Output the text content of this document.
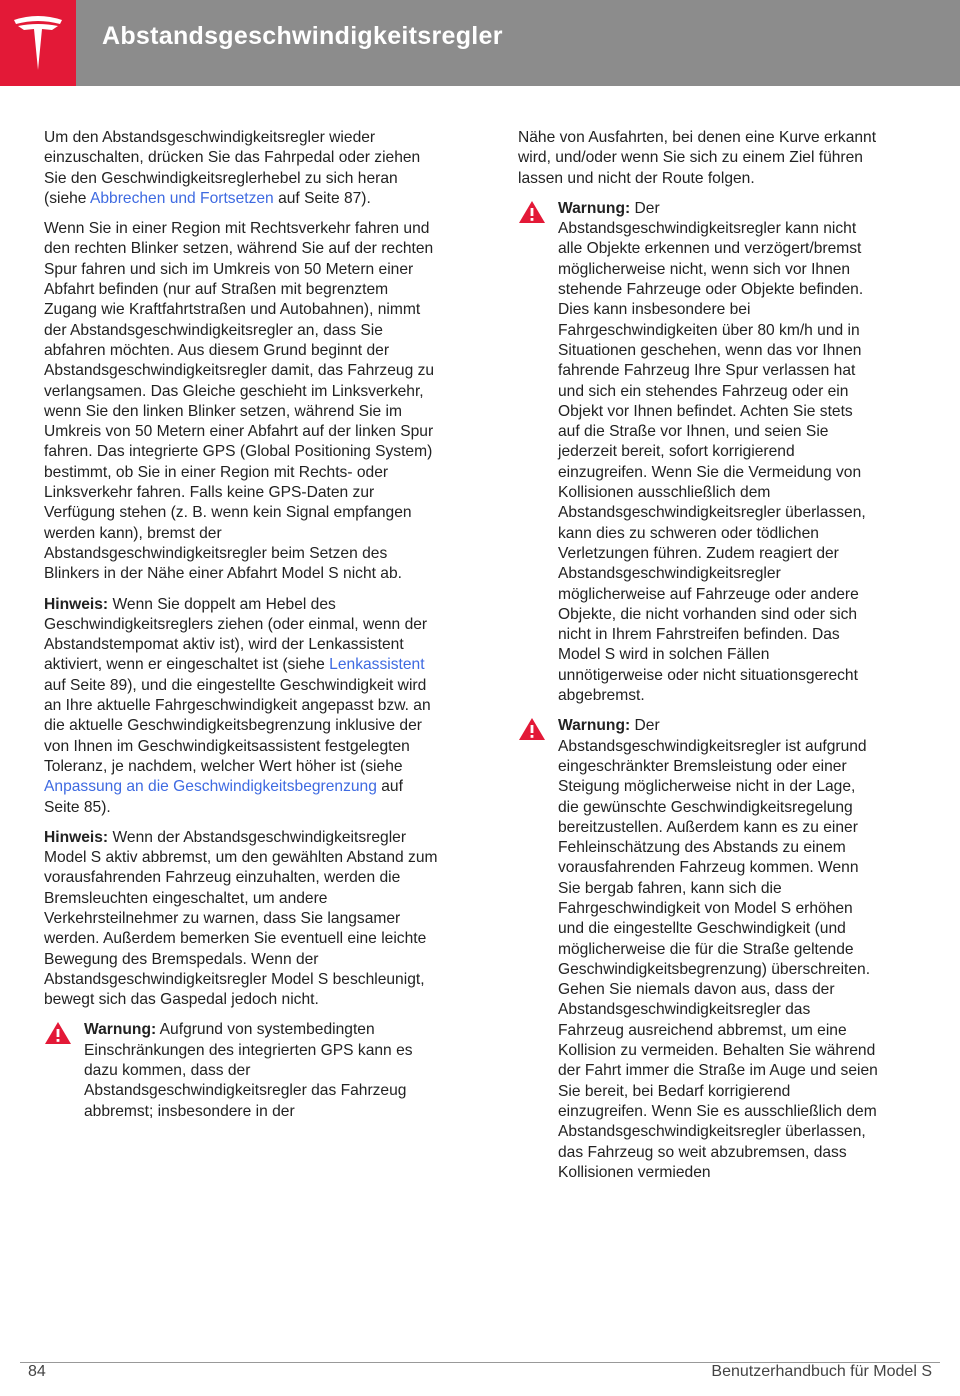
Abstandsgeschwindigkeitsregler

Um den Abstandsgeschwindigkeitsregler wieder einzuschalten, drücken Sie das Fahrpedal oder ziehen Sie den Geschwindigkeitsreglerhebel zu sich heran (siehe Abbrechen und Fortsetzen auf Seite 87).

Wenn Sie in einer Region mit Rechtsverkehr fahren und den rechten Blinker setzen, während Sie auf der rechten Spur fahren und sich im Umkreis von 50 Metern einer Abfahrt befinden (nur auf Straßen mit begrenztem Zugang wie Kraftfahrtstraßen und Autobahnen), nimmt der Abstandsgeschwindigkeitsregler an, dass Sie abfahren möchten. Aus diesem Grund beginnt der Abstandsgeschwindigkeitsregler damit, das Fahrzeug zu verlangsamen. Das Gleiche geschieht im Linksverkehr, wenn Sie den linken Blinker setzen, während Sie im Umkreis von 50 Metern einer Abfahrt auf der linken Spur fahren. Das integrierte GPS (Global Positioning System) bestimmt, ob Sie in einer Region mit Rechts- oder Linksverkehr fahren. Falls keine GPS-Daten zur Verfügung stehen (z. B. wenn kein Signal empfangen werden kann), bremst der Abstandsgeschwindigkeitsregler beim Setzen des Blinkers in der Nähe einer Abfahrt Model S nicht ab.

Hinweis: Wenn Sie doppelt am Hebel des Geschwindigkeitsreglers ziehen (oder einmal, wenn der Abstandstempomat aktiv ist), wird der Lenkassistent aktiviert, wenn er eingeschaltet ist (siehe Lenkassistent auf Seite 89), und die eingestellte Geschwindigkeit wird an Ihre aktuelle Fahrgeschwindigkeit angepasst bzw. an die aktuelle Geschwindigkeitsbegrenzung inklusive der von Ihnen im Geschwindigkeitsassistent festgelegten Toleranz, je nachdem, welcher Wert höher ist (siehe Anpassung an die Geschwindigkeitsbegrenzung auf Seite 85).

Hinweis: Wenn der Abstandsgeschwindigkeitsregler Model S aktiv abbremst, um den gewählten Abstand zum vorausfahrenden Fahrzeug einzuhalten, werden die Bremsleuchten eingeschaltet, um andere Verkehrsteilnehmer zu warnen, dass Sie langsamer werden. Außerdem bemerken Sie eventuell eine leichte Bewegung des Bremspedals. Wenn der Abstandsgeschwindigkeitsregler Model S beschleunigt, bewegt sich das Gaspedal jedoch nicht.

Warnung: Aufgrund von systembedingten Einschränkungen des integrierten GPS kann es dazu kommen, dass der Abstandsgeschwindigkeitsregler das Fahrzeug abbremst; insbesondere in der

Nähe von Ausfahrten, bei denen eine Kurve erkannt wird, und/oder wenn Sie sich zu einem Ziel führen lassen und nicht der Route folgen.

Warnung: Der Abstandsgeschwindigkeitsregler kann nicht alle Objekte erkennen und verzögert/bremst möglicherweise nicht, wenn sich vor Ihnen stehende Fahrzeuge oder Objekte befinden. Dies kann insbesondere bei Fahrgeschwindigkeiten über 80 km/h und in Situationen geschehen, wenn das vor Ihnen fahrende Fahrzeug Ihre Spur verlassen hat und sich ein stehendes Fahrzeug oder ein Objekt vor Ihnen befindet. Achten Sie stets auf die Straße vor Ihnen, und seien Sie jederzeit bereit, sofort korrigierend einzugreifen. Wenn Sie die Vermeidung von Kollisionen ausschließlich dem Abstandsgeschwindigkeitsregler überlassen, kann dies zu schweren oder tödlichen Verletzungen führen. Zudem reagiert der Abstandsgeschwindigkeitsregler möglicherweise auf Fahrzeuge oder andere Objekte, die nicht vorhanden sind oder sich nicht in Ihrem Fahrstreifen befinden. Das Model S wird in solchen Fällen unnötigerweise oder nicht situationsgerecht abgebremst.
Warnung: Der Abstandsgeschwindigkeitsregler ist aufgrund eingeschränkter Bremsleistung oder einer Steigung möglicherweise nicht in der Lage, die gewünschte Geschwindigkeitsregelung bereitzustellen. Außerdem kann es zu einer Fehleinschätzung des Abstands zu einem vorausfahrenden Fahrzeug kommen. Wenn Sie bergab fahren, kann sich die Fahrgeschwindigkeit von Model S erhöhen und die eingestellte Geschwindigkeit (und möglicherweise die für die Straße geltende Geschwindigkeitsbegrenzung) überschreiten. Gehen Sie niemals davon aus, dass der Abstandsgeschwindigkeitsregler das Fahrzeug ausreichend abbremst, um eine Kollision zu vermeiden. Behalten Sie während der Fahrt immer die Straße im Auge und seien Sie bereit, bei Bedarf korrigierend einzugreifen. Wenn Sie es ausschließlich dem Abstandsgeschwindigkeitsregler überlassen, das Fahrzeug so weit abzubremsen, dass Kollisionen vermieden
84	Benutzerhandbuch für Model S
